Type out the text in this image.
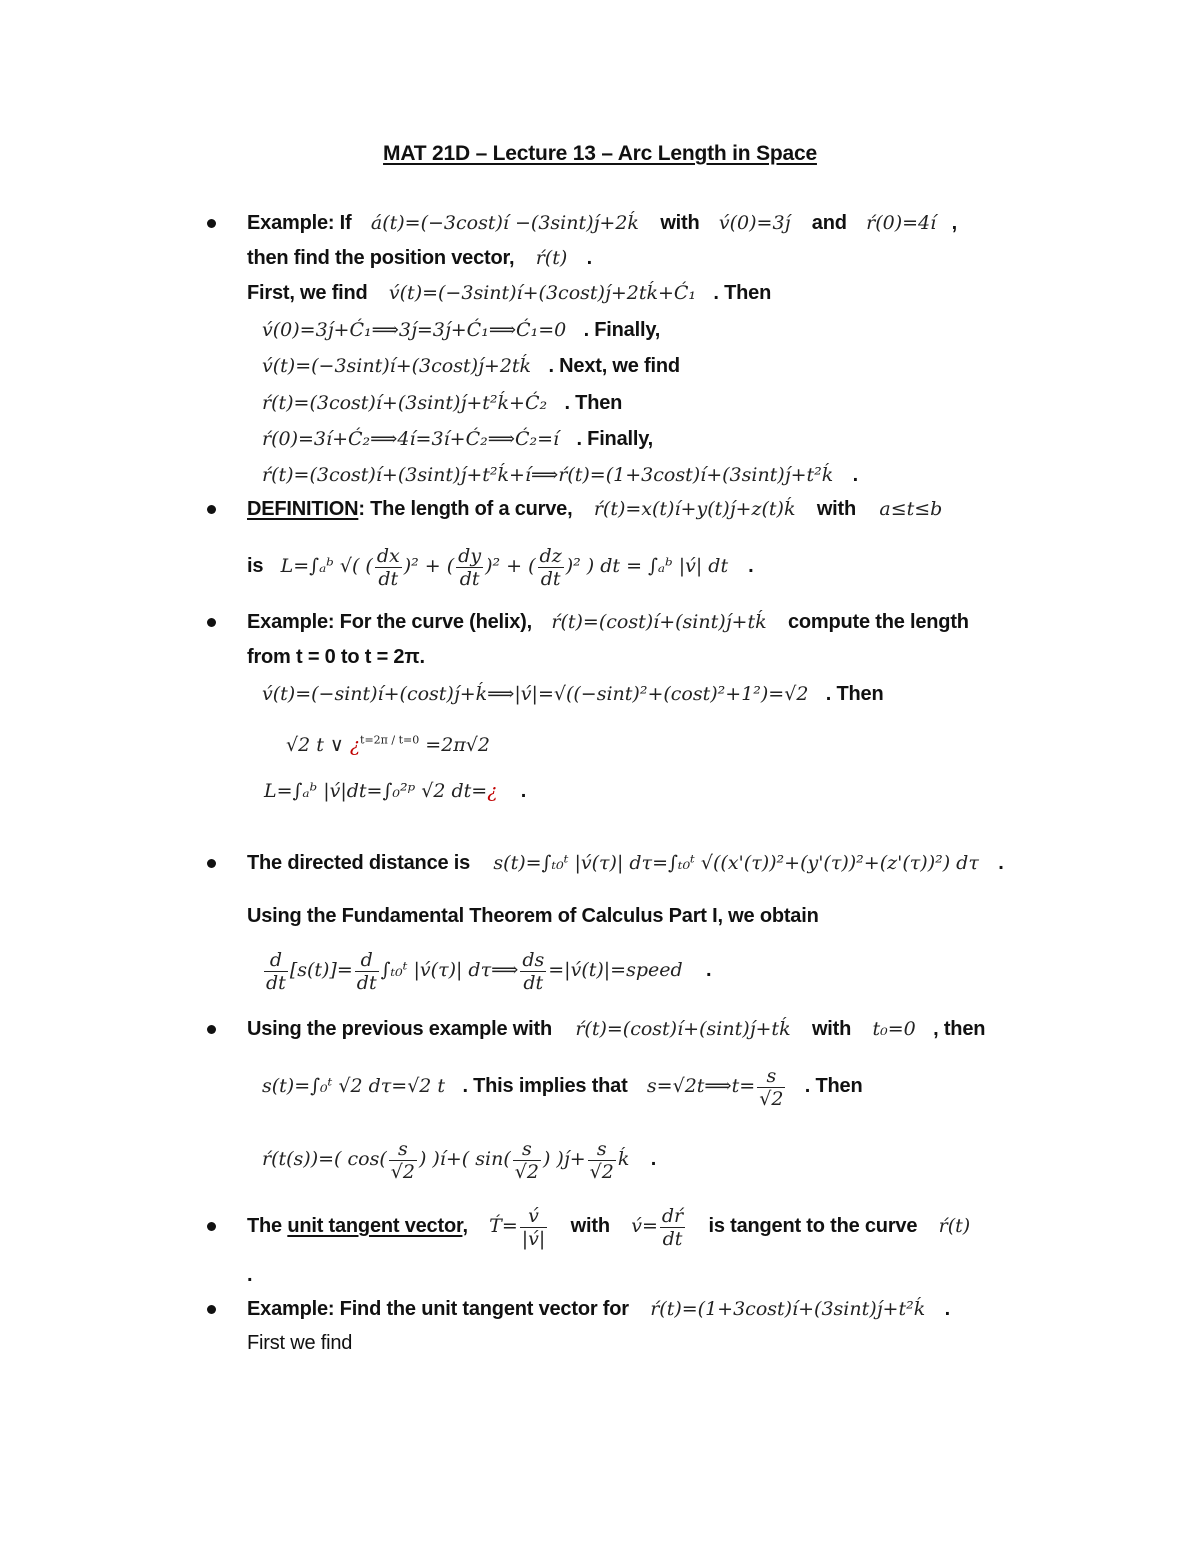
MAT 21D – Lecture 13 – Arc Length in Space
Example: If á(t)=(−3cost)í −(3sint)j́+2ḱ with v́(0)=3j́ and ŕ(0)=4í ,
then find the position vector, ŕ(t) .
First, we find v́(t)=(−3sint)í+(3cost)j́+2tḱ+Ć₁ . Then
v́(0)=3j́+Ć₁⟹3j́=3j́+Ć₁⟹Ć₁=0 . Finally,
v́(t)=(−3sint)í+(3cost)j́+2tḱ . Next, we find
ŕ(t)=(3cost)í+(3sint)j́+t²ḱ+Ć₂ . Then
ŕ(0)=3í+Ć₂⟹4í=3í+Ć₂⟹Ć₂=í . Finally,
ŕ(t)=(3cost)í+(3sint)j́+t²ḱ+í⟹ŕ(t)=(1+3cost)í+(3sint)j́+t²ḱ .
DEFINITION: The length of a curve, ŕ(t)=x(t)í+y(t)j́+z(t)ḱ with a≤t≤b
is L=∫ₐᵇ √( ( $\frac{dx}{dt} )^2$ + ( $\frac{dy}{dt} )^2$ + ( $\frac{dz}{dt} )^2$ ) dt = ∫ₐᵇ |v́| dt .
Example: For the curve (helix), ŕ(t)=(cost)í+(sint)j́+tḱ compute the length
from t = 0 to t = 2π.
v́(t)=(−sint)í+(cost)j́+ḱ⟹|v́|=√((−sint)²+(cost)²+1²)=√2 . Then
√2 t ∨ ¿$^{t=2\pi / t=0}$ =2π√2
L=∫ₐᵇ |v́|dt=∫₀²ᵖ √2 dt=¿ .
The directed distance is s(t)=∫ₜ₀ᵗ |v́(τ)| dτ=∫ₜ₀ᵗ √((x'(τ))²+(y'(τ))²+(z'(τ))²) dτ .
Using the Fundamental Theorem of Calculus Part I, we obtain
$\frac{d}{dt} [s(t)]= \frac{d}{dt}$ ∫ₜ₀ᵗ |v́(τ)| dτ⟹ $\frac{ds}{dt}$ =|v́(t)|=speed .
Using the previous example with ŕ(t)=(cost)í+(sint)j́+tḱ with t₀=0 , then
s(t)=∫₀ᵗ √2 dτ=√2 t . This implies that s=√2t⟹t= $\frac{s}{√2}$ . Then
ŕ(t(s))=( $\cos( \frac{s}{√2}$ ) )í+( $\sin( \frac{s}{√2}$ ) )j́+ $\frac{s}{√2}$ ḱ .
The unit tangent vector, T́= $\frac{v́}{|v́|}$ with v́= $\frac{dŕ}{dt}$ is tangent to the curve ŕ(t)
.
Example: Find the unit tangent vector for ŕ(t)=(1+3cost)í+(3sint)j́+t²ḱ .
First we find
